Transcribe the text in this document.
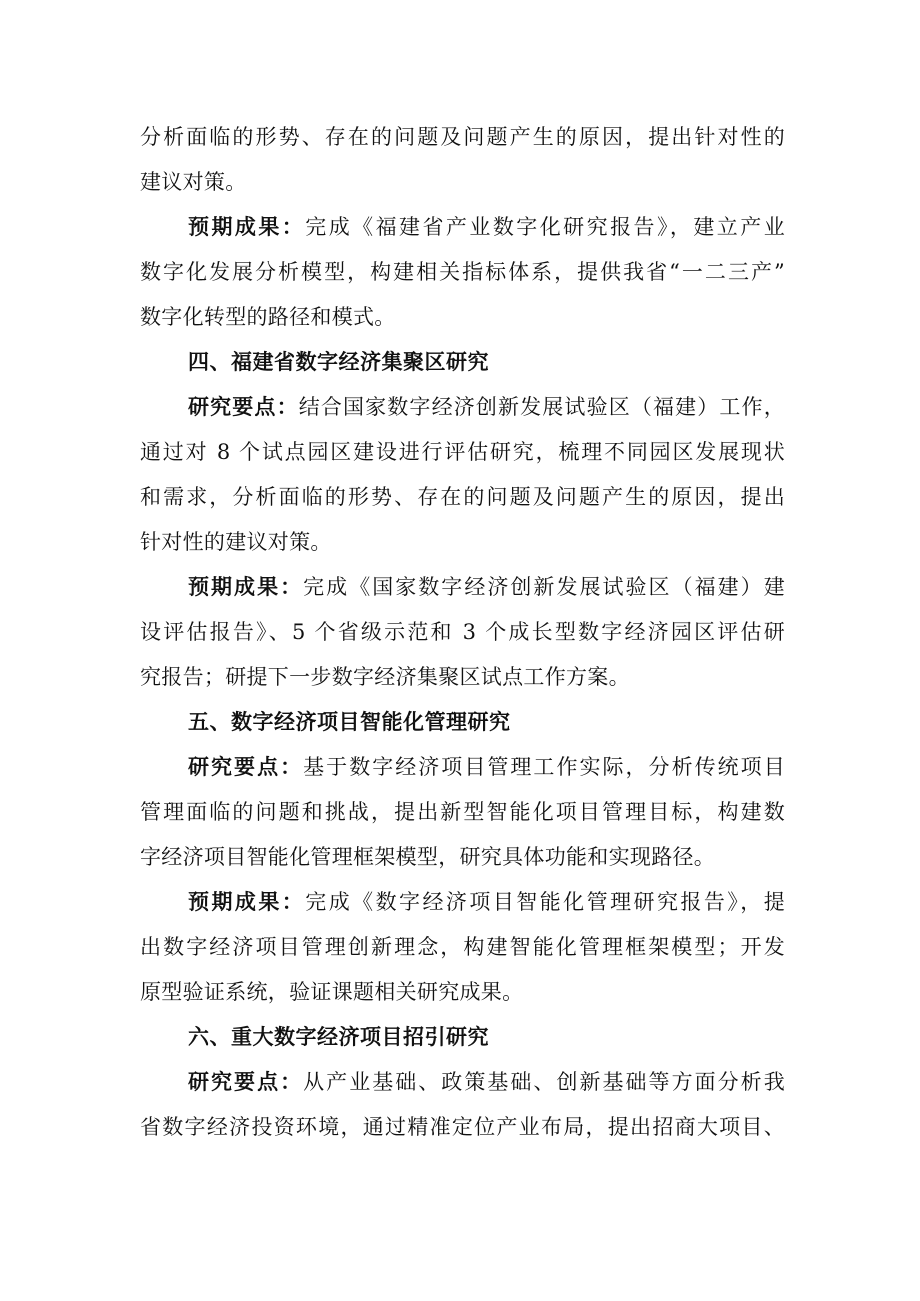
分析面临的形势、存在的问题及问题产生的原因，提出针对性的
建议对策。
预期成果：完成《福建省产业数字化研究报告》，建立产业
数字化发展分析模型，构建相关指标体系，提供我省“一二三产”
数字化转型的路径和模式。
四、福建省数字经济集聚区研究
研究要点：结合国家数字经济创新发展试验区（福建）工作，
通过对 8 个试点园区建设进行评估研究，梳理不同园区发展现状
和需求，分析面临的形势、存在的问题及问题产生的原因，提出
针对性的建议对策。
预期成果：完成《国家数字经济创新发展试验区（福建）建
设评估报告》、5 个省级示范和 3 个成长型数字经济园区评估研
究报告；研提下一步数字经济集聚区试点工作方案。
五、数字经济项目智能化管理研究
研究要点：基于数字经济项目管理工作实际，分析传统项目
管理面临的问题和挑战，提出新型智能化项目管理目标，构建数
字经济项目智能化管理框架模型，研究具体功能和实现路径。
预期成果：完成《数字经济项目智能化管理研究报告》，提
出数字经济项目管理创新理念，构建智能化管理框架模型；开发
原型验证系统，验证课题相关研究成果。
六、重大数字经济项目招引研究
研究要点：从产业基础、政策基础、创新基础等方面分析我
省数字经济投资环境，通过精准定位产业布局，提出招商大项目、
